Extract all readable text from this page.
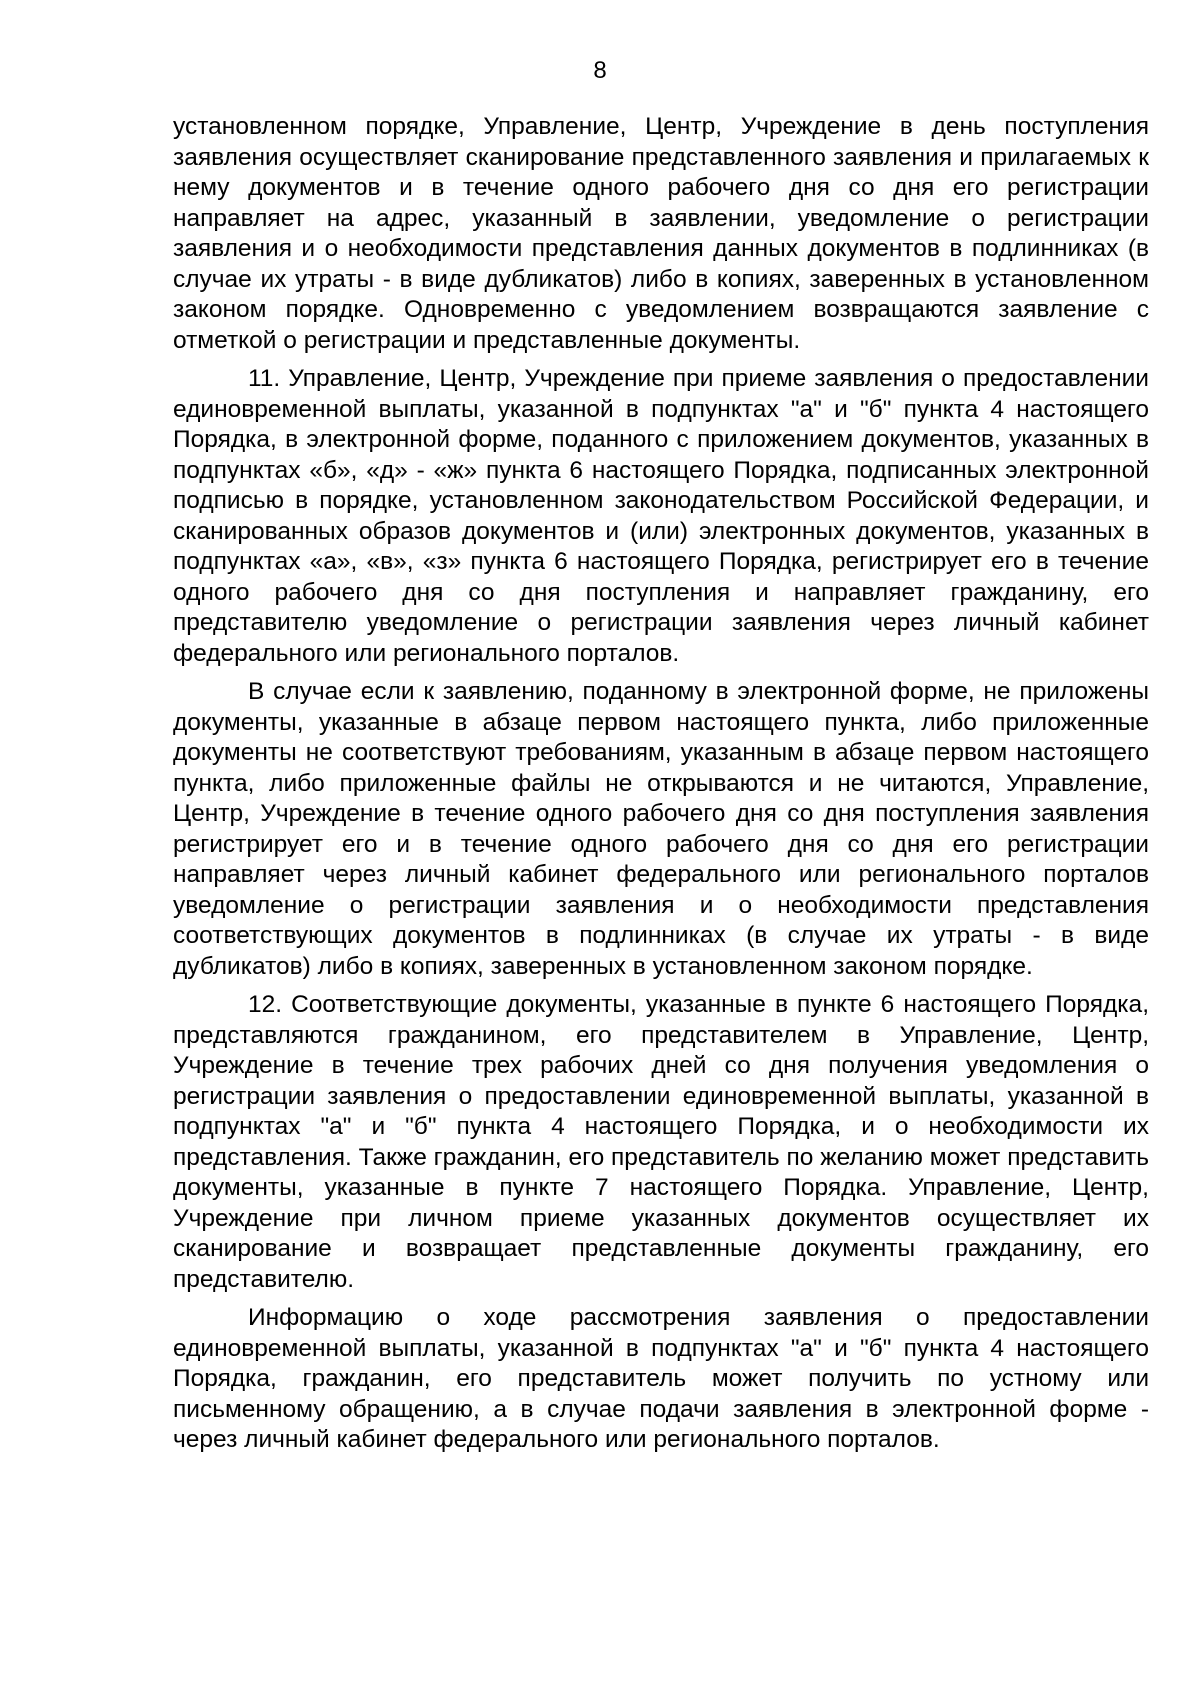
8

установленном порядке, Управление, Центр, Учреждение в день поступления заявления осуществляет сканирование представленного заявления и прилагаемых к нему документов и в течение одного рабочего дня со дня его регистрации направляет на адрес, указанный в заявлении, уведомление о регистрации заявления и о необходимости представления данных документов в подлинниках (в случае их утраты - в виде дубликатов) либо в копиях, заверенных в установленном законом порядке. Одновременно с уведомлением возвращаются заявление с отметкой о регистрации и представленные документы.

11. Управление, Центр, Учреждение при приеме заявления о предоставлении единовременной выплаты, указанной в подпунктах "а" и "б" пункта 4 настоящего Порядка, в электронной форме, поданного с приложением документов, указанных в подпунктах «б», «д» - «ж» пункта 6 настоящего Порядка, подписанных электронной подписью в порядке, установленном законодательством Российской Федерации, и сканированных образов документов и (или) электронных документов, указанных в подпунктах «а», «в», «з» пункта 6 настоящего Порядка, регистрирует его в течение одного рабочего дня со дня поступления и направляет гражданину, его представителю уведомление о регистрации заявления через личный кабинет федерального или регионального порталов.

В случае если к заявлению, поданному в электронной форме, не приложены документы, указанные в абзаце первом настоящего пункта, либо приложенные документы не соответствуют требованиям, указанным в абзаце первом настоящего пункта, либо приложенные файлы не открываются и не читаются, Управление, Центр, Учреждение в течение одного рабочего дня со дня поступления заявления регистрирует его и в течение одного рабочего дня со дня его регистрации направляет через личный кабинет федерального или регионального порталов уведомление о регистрации заявления и о необходимости представления соответствующих документов в подлинниках (в случае их утраты - в виде дубликатов) либо в копиях, заверенных в установленном законом порядке.

12. Соответствующие документы, указанные в пункте 6 настоящего Порядка, представляются гражданином, его представителем в Управление, Центр, Учреждение в течение трех рабочих дней со дня получения уведомления о регистрации заявления о предоставлении единовременной выплаты, указанной в подпунктах "а" и "б" пункта 4 настоящего Порядка, и о необходимости их представления. Также гражданин, его представитель по желанию может представить документы, указанные в пункте 7 настоящего Порядка. Управление, Центр, Учреждение при личном приеме указанных документов осуществляет их сканирование и возвращает представленные документы гражданину, его представителю.

Информацию о ходе рассмотрения заявления о предоставлении единовременной выплаты, указанной в подпунктах "а" и "б" пункта 4 настоящего Порядка, гражданин, его представитель может получить по устному или письменному обращению, а в случае подачи заявления в электронной форме - через личный кабинет федерального или регионального порталов.
